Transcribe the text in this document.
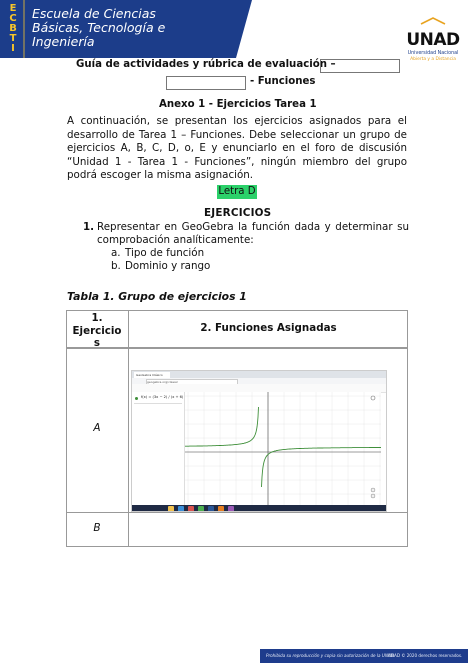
E
C
B
T
I
Escuela de Ciencias
Básicas, Tecnología e
Ingeniería	UNAD
Universidad Nacional
Abierta y a Distancia
Guía de actividades y rúbrica de evaluación –
- Funciones
Anexo 1 - Ejercicios Tarea 1
A continuación, se presentan los ejercicios asignados para el desarrollo de Tarea 1 – Funciones. Debe seleccionar un grupo de ejercicios A, B, C, D, o, E y enunciarlo en el foro de discusión “Unidad 1 - Tarea 1 - Funciones”, ningún miembro del grupo podrá escoger la misma asignación.
Letra D
EJERCICIOS
1. Representar en GeoGebra la función dada y determinar su comprobación analíticamente:
a. Tipo de función
b. Dominio y rango
Tabla 1. Grupo de ejercicios 1
1.
Ejercicio
s
2. Funciones Asignadas
A
B
GeoGebra Clásico
geogebra.org/classic
f(x) = (3x − 2) / (x + 6)
Prohibida su reproducción y copia sin autorización de la UNAD.
UNAD © 2020 derechos reservados.
